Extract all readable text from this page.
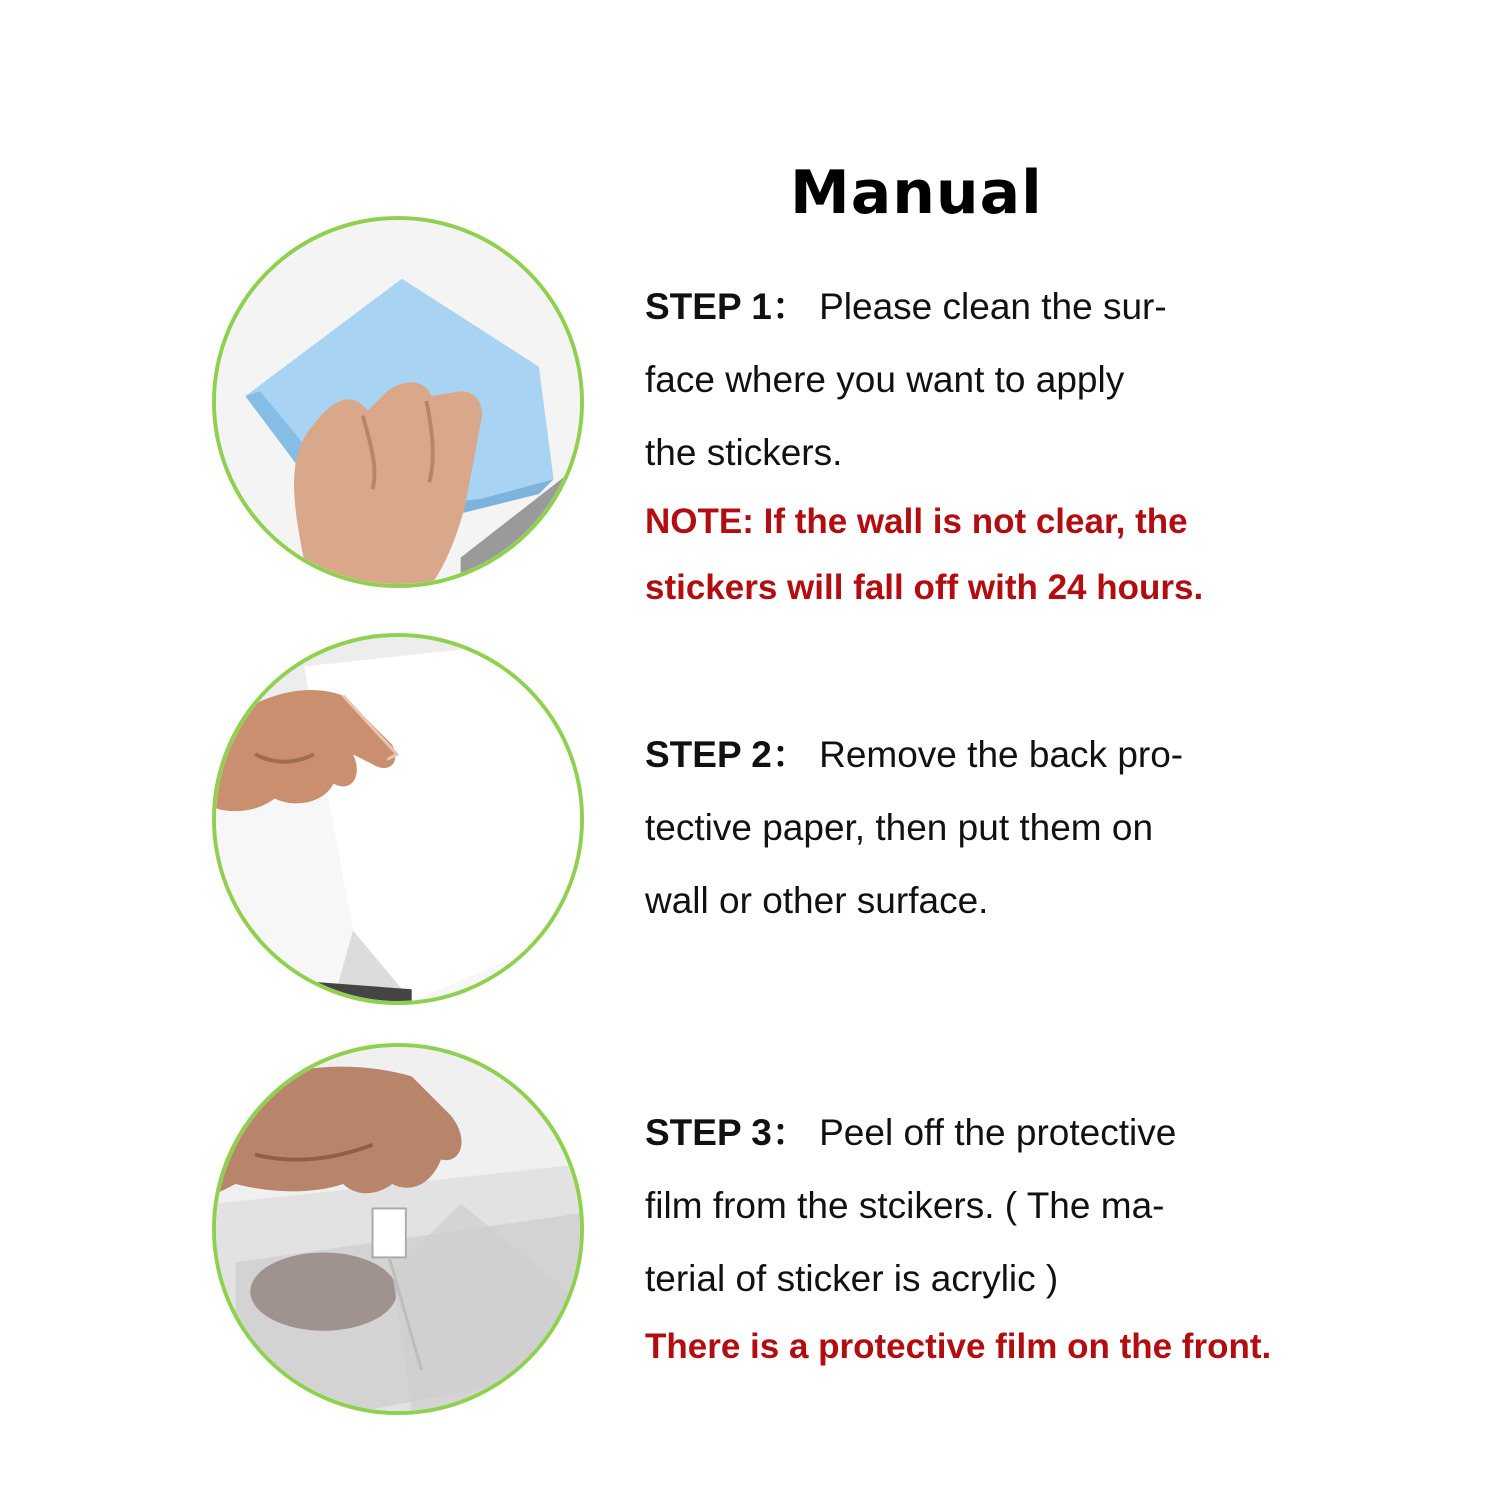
Manual
STEP 1： Please clean the sur-
face where you want to apply
the stickers.
NOTE: If the wall is not clear, the
stickers will fall off with 24 hours.
STEP 2： Remove the back pro-
tective paper, then put them on
wall or other surface.
STEP 3： Peel off the protective
film from the stcikers. ( The ma-
terial of sticker is acrylic )
There is a protective film on the front.
